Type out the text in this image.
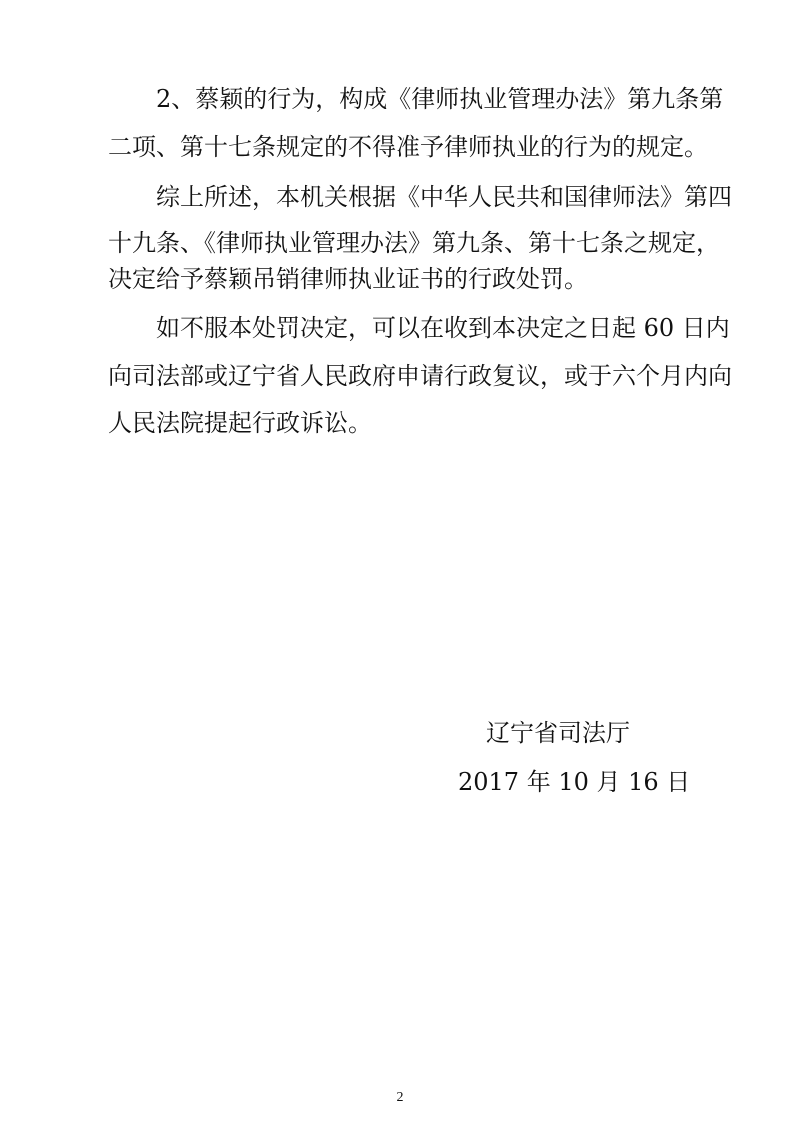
　　2、蔡颖的行为，构成《律师执业管理办法》第九条第
二项、第十七条规定的不得准予律师执业的行为的规定。
　　综上所述，本机关根据《中华人民共和国律师法》第四
十九条、《律师执业管理办法》第九条、第十七条之规定，
决定给予蔡颖吊销律师执业证书的行政处罚。
　　如不服本处罚决定，可以在收到本决定之日起 60 日内
向司法部或辽宁省人民政府申请行政复议，或于六个月内向
人民法院提起行政诉讼。
辽宁省司法厅
2017 年 10 月 16 日
2
